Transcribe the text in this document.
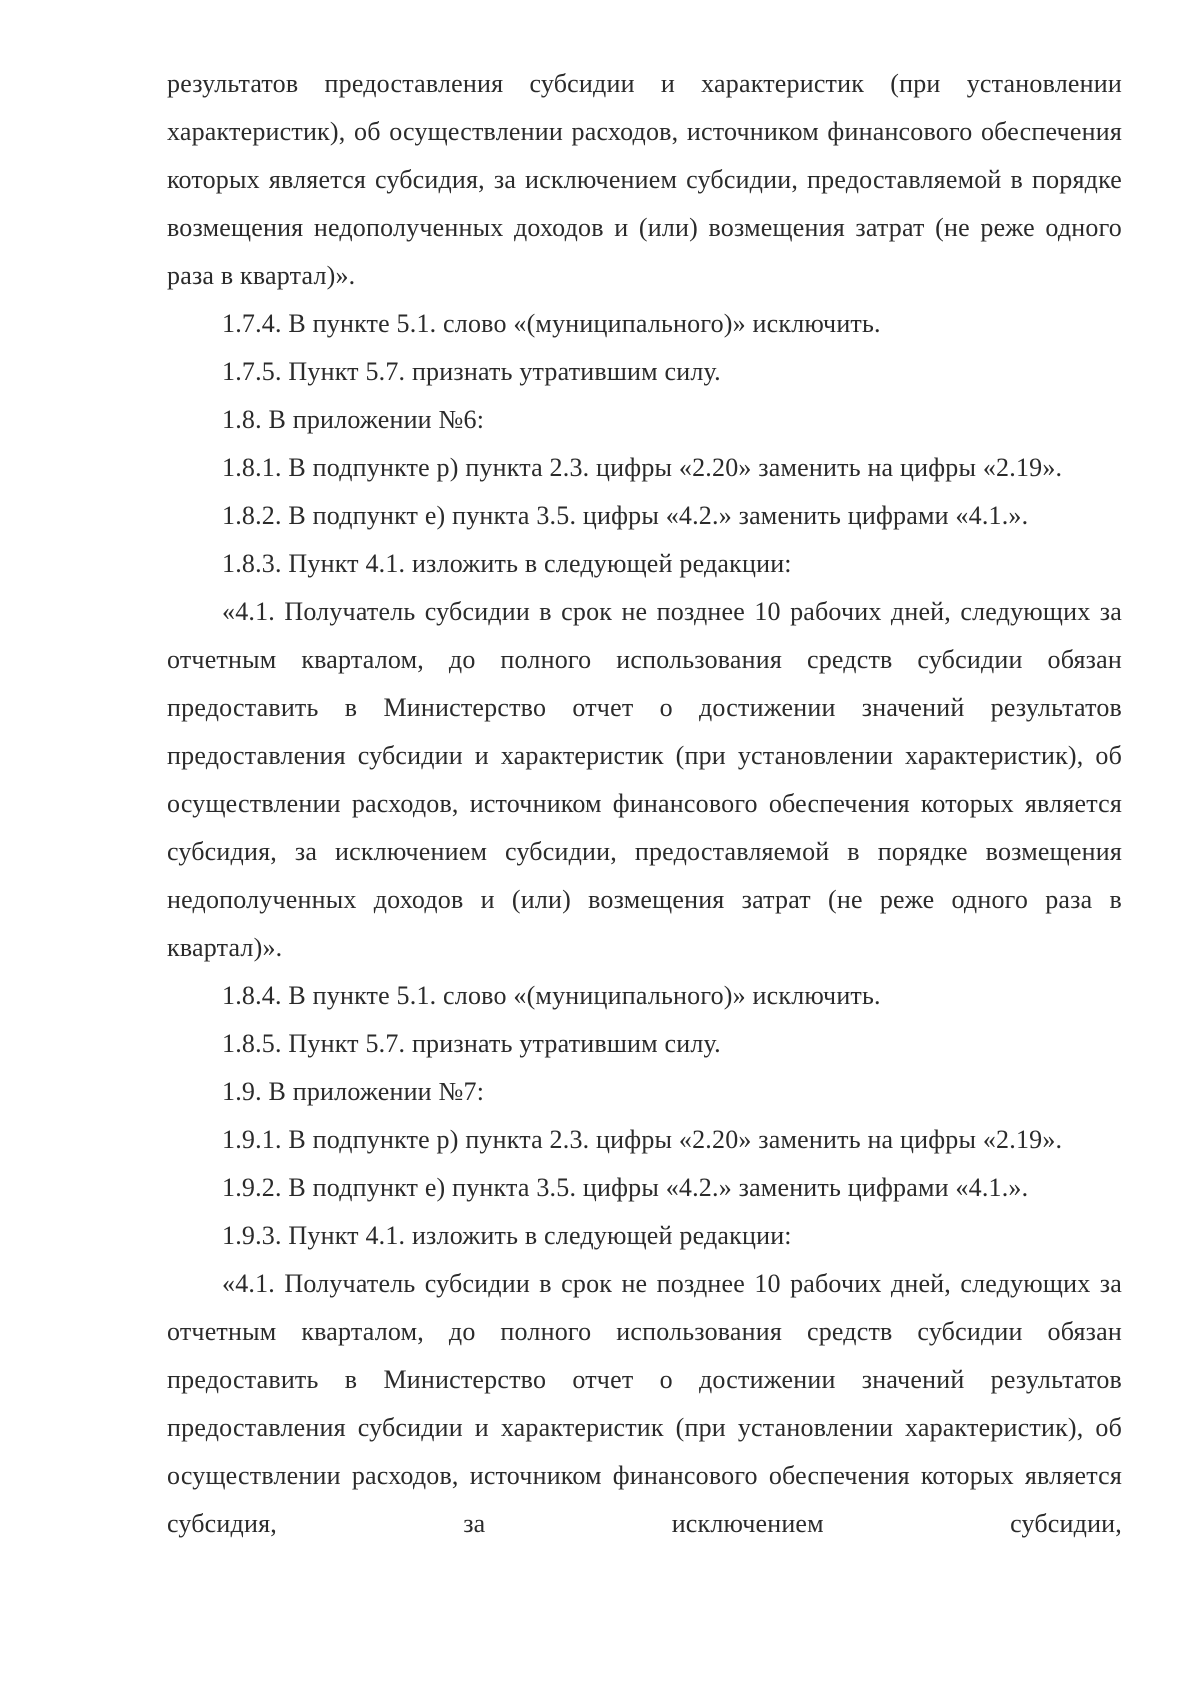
результатов предоставления субсидии и характеристик (при установлении характеристик), об осуществлении расходов, источником финансового обеспечения которых является субсидия, за исключением субсидии, предоставляемой в порядке возмещения недополученных доходов и (или) возмещения затрат (не реже одного раза в квартал)».

1.7.4. В пункте 5.1. слово «(муниципального)» исключить.

1.7.5. Пункт 5.7. признать утратившим силу.

1.8. В приложении №6:

1.8.1. В подпункте р) пункта 2.3. цифры «2.20» заменить на цифры «2.19».

1.8.2. В подпункт е) пункта 3.5. цифры «4.2.» заменить цифрами «4.1.».

1.8.3. Пункт 4.1. изложить в следующей редакции:

«4.1. Получатель субсидии в срок не позднее 10 рабочих дней, следующих за отчетным кварталом, до полного использования средств субсидии обязан предоставить в Министерство отчет о достижении значений результатов предоставления субсидии и характеристик (при установлении характеристик), об осуществлении расходов, источником финансового обеспечения которых является субсидия, за исключением субсидии, предоставляемой в порядке возмещения недополученных доходов и (или) возмещения затрат (не реже одного раза в квартал)».

1.8.4. В пункте 5.1. слово «(муниципального)» исключить.

1.8.5. Пункт 5.7. признать утратившим силу.

1.9. В приложении №7:

1.9.1. В подпункте р) пункта 2.3. цифры «2.20» заменить на цифры «2.19».

1.9.2. В подпункт е) пункта 3.5. цифры «4.2.» заменить цифрами «4.1.».

1.9.3. Пункт 4.1. изложить в следующей редакции:

«4.1. Получатель субсидии в срок не позднее 10 рабочих дней, следующих за отчетным кварталом, до полного использования средств субсидии обязан предоставить в Министерство отчет о достижении значений результатов предоставления субсидии и характеристик (при установлении характеристик), об осуществлении расходов, источником финансового обеспечения которых является субсидия, за исключением субсидии,
